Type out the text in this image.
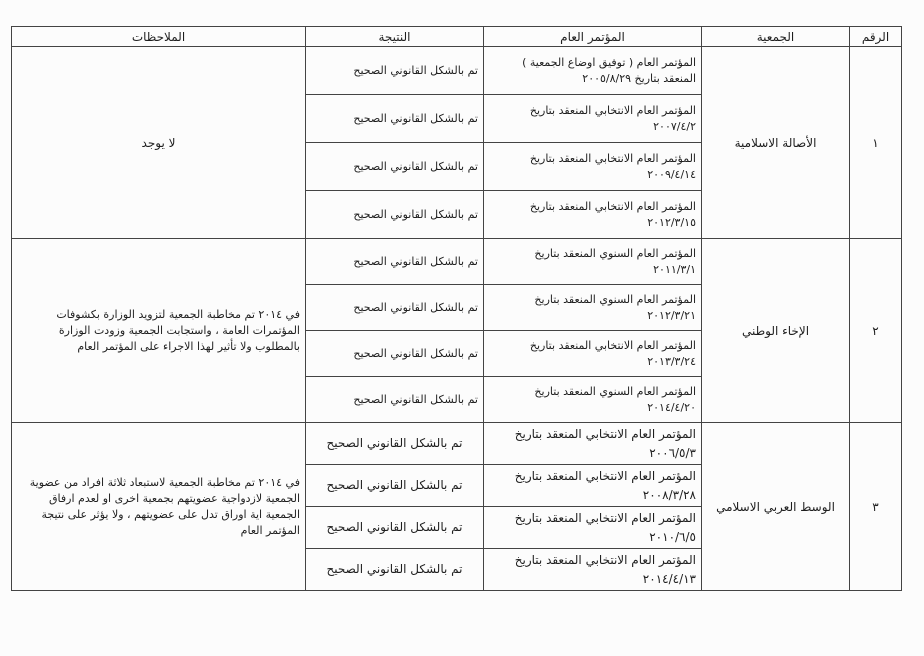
الرقم	الجمعية	المؤتمر العام	النتيجة	الملاحظات
١	الأصالة الاسلامية	المؤتمر العام ( توفيق اوضاع الجمعية ) المنعقد بتاريخ ٢٠٠٥/٨/٢٩	تم بالشكل القانوني الصحيح	لا يوجد
		المؤتمر العام الانتخابي المنعقد بتاريخ ٢٠٠٧/٤/٢	تم بالشكل القانوني الصحيح	
		المؤتمر العام الانتخابي المنعقد بتاريخ ٢٠٠٩/٤/١٤	تم بالشكل القانوني الصحيح	
		المؤتمر العام الانتخابي المنعقد بتاريخ ٢٠١٢/٣/١٥	تم بالشكل القانوني الصحيح	
٢	الإخاء الوطني	المؤتمر العام السنوي المنعقد بتاريخ ٢٠١١/٣/١	تم بالشكل القانوني الصحيح	في ٢٠١٤ تم مخاطبة الجمعية لتزويد الوزارة بكشوفات المؤتمرات العامة ، واستجابت الجمعية وزودت الوزارة بالمطلوب ولا تأثير لهذا الاجراء على المؤتمر العام
		المؤتمر العام السنوي المنعقد بتاريخ ٢٠١٢/٣/٢١	تم بالشكل القانوني الصحيح	
		المؤتمر العام الانتخابي المنعقد بتاريخ ٢٠١٣/٣/٢٤	تم بالشكل القانوني الصحيح	
		المؤتمر العام السنوي المنعقد بتاريخ ٢٠١٤/٤/٢٠	تم بالشكل القانوني الصحيح	
٣	الوسط العربي الاسلامي	المؤتمر العام الانتخابي المنعقد بتاريخ ٢٠٠٦/٥/٣	تم بالشكل القانوني الصحيح	في ٢٠١٤ تم مخاطبة الجمعية لاستبعاد ثلاثة افراد من عضوية الجمعية لازدواجية عضويتهم بجمعية اخرى او لعدم ارفاق الجمعية اية اوراق تدل على عضويتهم ، ولا يؤثر على نتيجة المؤتمر العام
		المؤتمر العام الانتخابي المنعقد بتاريخ ٢٠٠٨/٣/٢٨	تم بالشكل القانوني الصحيح	
		المؤتمر العام الانتخابي المنعقد بتاريخ ٢٠١٠/٦/٥	تم بالشكل القانوني الصحيح	
		المؤتمر العام الانتخابي المنعقد بتاريخ ٢٠١٤/٤/١٣	تم بالشكل القانوني الصحيح	
